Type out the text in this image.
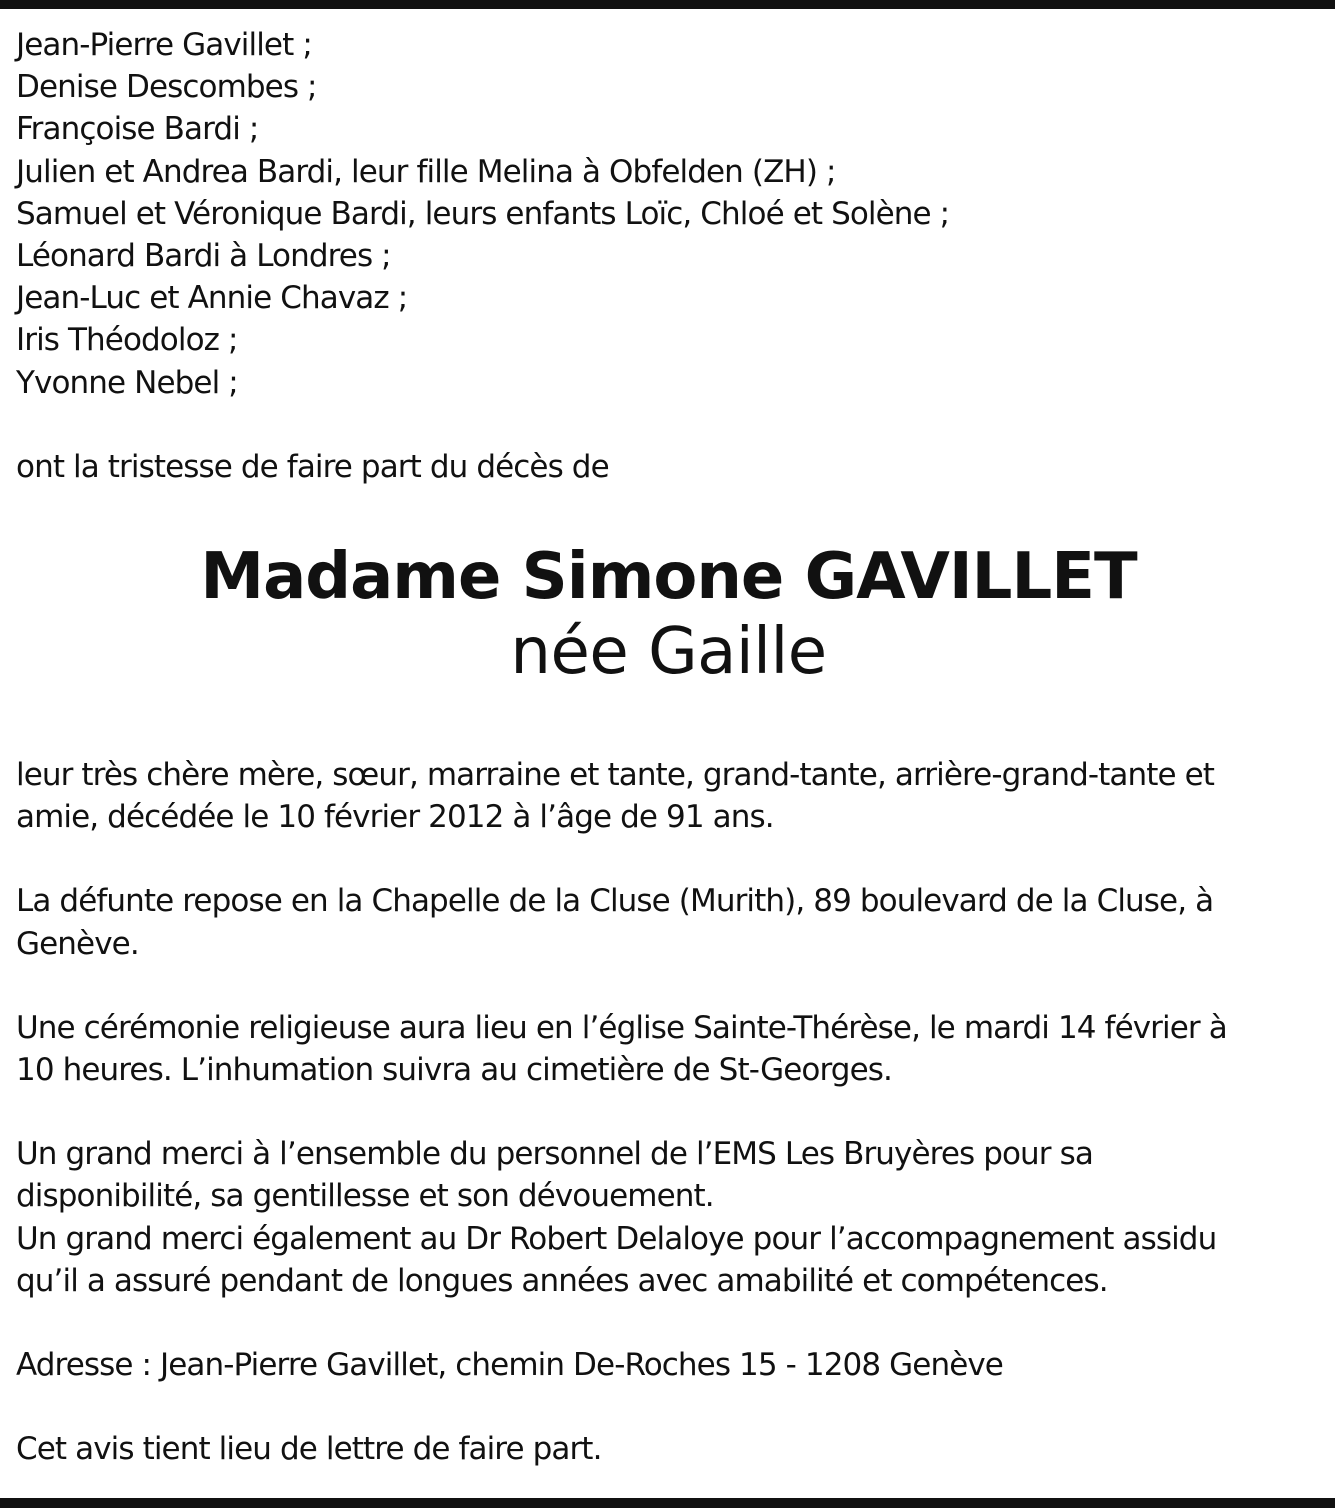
Jean-Pierre Gavillet ;
Denise Descombes ;
Françoise Bardi ;
Julien et Andrea Bardi, leur fille Melina à Obfelden (ZH) ;
Samuel et Véronique Bardi, leurs enfants Loïc, Chloé et Solène ;
Léonard Bardi à Londres ;
Jean-Luc et Annie Chavaz ;
Iris Théodoloz ;
Yvonne Nebel ;
ont la tristesse de faire part du décès de
Madame Simone GAVILLET
née Gaille
leur très chère mère, sœur, marraine et tante, grand-tante, arrière-grand-tante et
amie, décédée le 10 février 2012 à l’âge de 91 ans.
La défunte repose en la Chapelle de la Cluse (Murith), 89 boulevard de la Cluse, à
Genève.
Une cérémonie religieuse aura lieu en l’église Sainte-Thérèse, le mardi 14 février à
10 heures. L’inhumation suivra au cimetière de St-Georges.
Un grand merci à l’ensemble du personnel de l’EMS Les Bruyères pour sa
disponibilité, sa gentillesse et son dévouement.
Un grand merci également au Dr Robert Delaloye pour l’accompagnement assidu
qu’il a assuré pendant de longues années avec amabilité et compétences.
Adresse : Jean-Pierre Gavillet, chemin De-Roches 15 - 1208 Genève
Cet avis tient lieu de lettre de faire part.
